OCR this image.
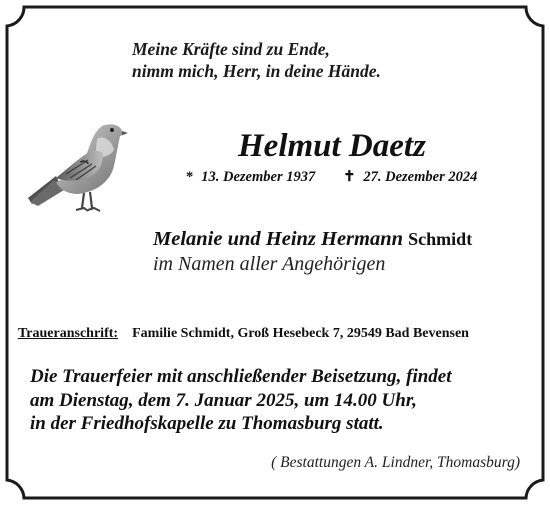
Meine Kräfte sind zu Ende,
nimm mich, Herr, in deine Hände.
Helmut Daetz
* 13. Dezember 1937 ✝ 27. Dezember 2024
Melanie und Heinz Hermann Schmidt
im Namen aller Angehörigen
Traueranschrift: Familie Schmidt, Groß Hesebeck 7, 29549 Bad Bevensen
Die Trauerfeier mit anschließender Beisetzung, findet
am Dienstag, dem 7. Januar 2025, um 14.00 Uhr,
in der Friedhofskapelle zu Thomasburg statt.
( Bestattungen A. Lindner, Thomasburg)
